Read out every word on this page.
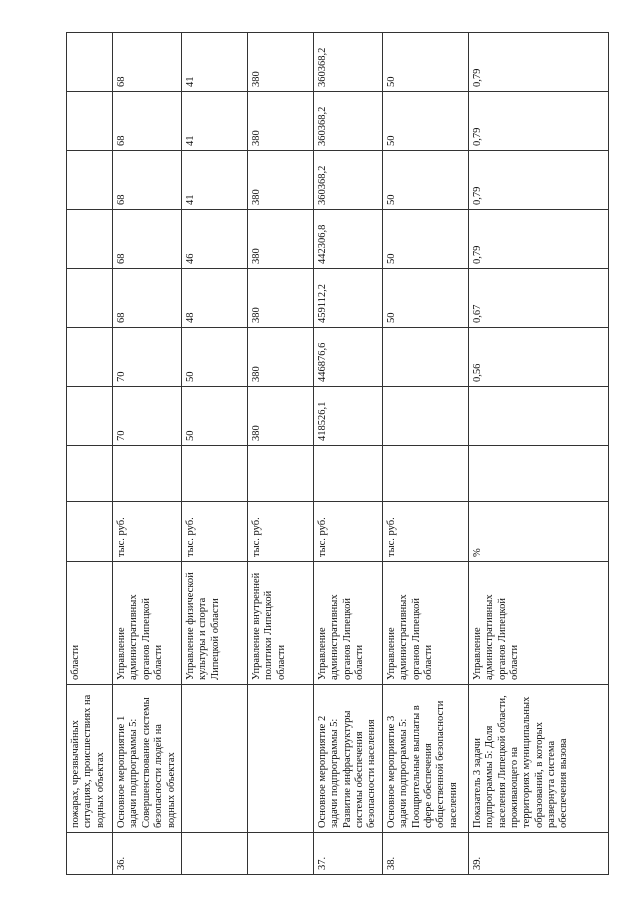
	пожарах, чрезвычайных ситуациях, происшествиях на водных объектах	области									
36.	Основное мероприятие 1 задачи подпрограммы 5: Совершенствование системы безопасности людей на водных объектах	Управление административных органов Липецкой области	тыс. руб.		70	70	68	68	68	68	68
		Управление физической культуры и спорта Липецкой области	тыс. руб.		50	50	48	46	41	41	41
		Управление внутренней политики Липецкой области	тыс. руб.		380	380	380	380	380	380	380
37.	Основное мероприятие 2 задачи подпрограммы 5: Развитие инфраструктуры системы обеспечения безопасности населения	Управление административных органов Липецкой области	тыс. руб.		418526,1	446876,6	459112,2	442306,8	360368,2	360368,2	360368,2
38.	Основное мероприятие 3 задачи подпрограммы 5: Поощрительные выплаты в сфере обеспечения общественной безопасности населения	Управление административных органов Липецкой области	тыс. руб.				50	50	50	50	50
39.	Показатель 3 задачи подпрограммы 5: Доля населения Липецкой области, проживающего на территориях муниципальных образований, в которых развернута система обеспечения вызова	Управление административных органов Липецкой области	%			0,56	0,67	0,79	0,79	0,79	0,79
